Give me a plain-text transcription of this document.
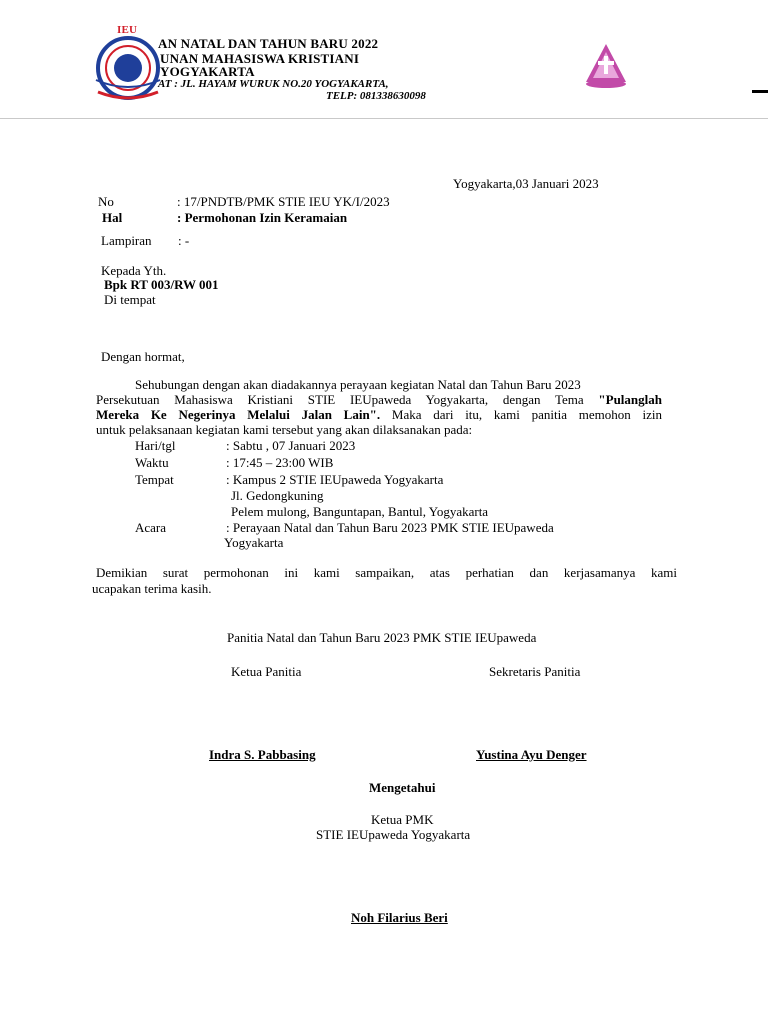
IEU
AN NATAL DAN TAHUN BARU 2022
UNAN MAHASISWA KRISTIANI
YOGYAKARTA
AT : JL. HAYAM WURUK NO.20 YOGYAKARTA,
TELP: 081338630098
Yogyakarta,03 Januari 2023
No	: 17/PNDTB/PMK STIE IEU YK/I/2023
Hal	: Permohonan Izin Keramaian
Lampiran : -
Kepada Yth.
Bpk RT 003/RW 001
Di tempat
Dengan hormat,
Sehubungan dengan akan diadakannya perayaan kegiatan Natal dan Tahun Baru 2023
Persekutuan Mahasiswa Kristiani STIE IEUpaweda Yogyakarta, dengan Tema "Pulanglah
Mereka Ke Negerinya Melalui Jalan Lain". Maka dari itu, kami panitia memohon izin
untuk pelaksanaan kegiatan kami tersebut yang akan dilaksanakan pada:
Hari/tgl	: Sabtu , 07 Januari 2023
Waktu	: 17:45 – 23:00 WIB
Tempat	: Kampus 2 STIE IEUpaweda Yogyakarta
Jl. Gedongkuning
Pelem mulong, Banguntapan, Bantul, Yogyakarta
Acara	: Perayaan Natal dan Tahun Baru 2023 PMK STIE IEUpaweda
Yogyakarta
Demikian surat permohonan ini kami sampaikan, atas perhatian dan kerjasamanya kami
ucapakan terima kasih.
Panitia Natal dan Tahun Baru 2023 PMK STIE IEUpaweda
Ketua Panitia	Sekretaris Panitia
Indra S. Pabbasing	Yustina Ayu Denger
Mengetahui
Ketua PMK
STIE IEUpaweda Yogyakarta
Noh Filarius Beri
